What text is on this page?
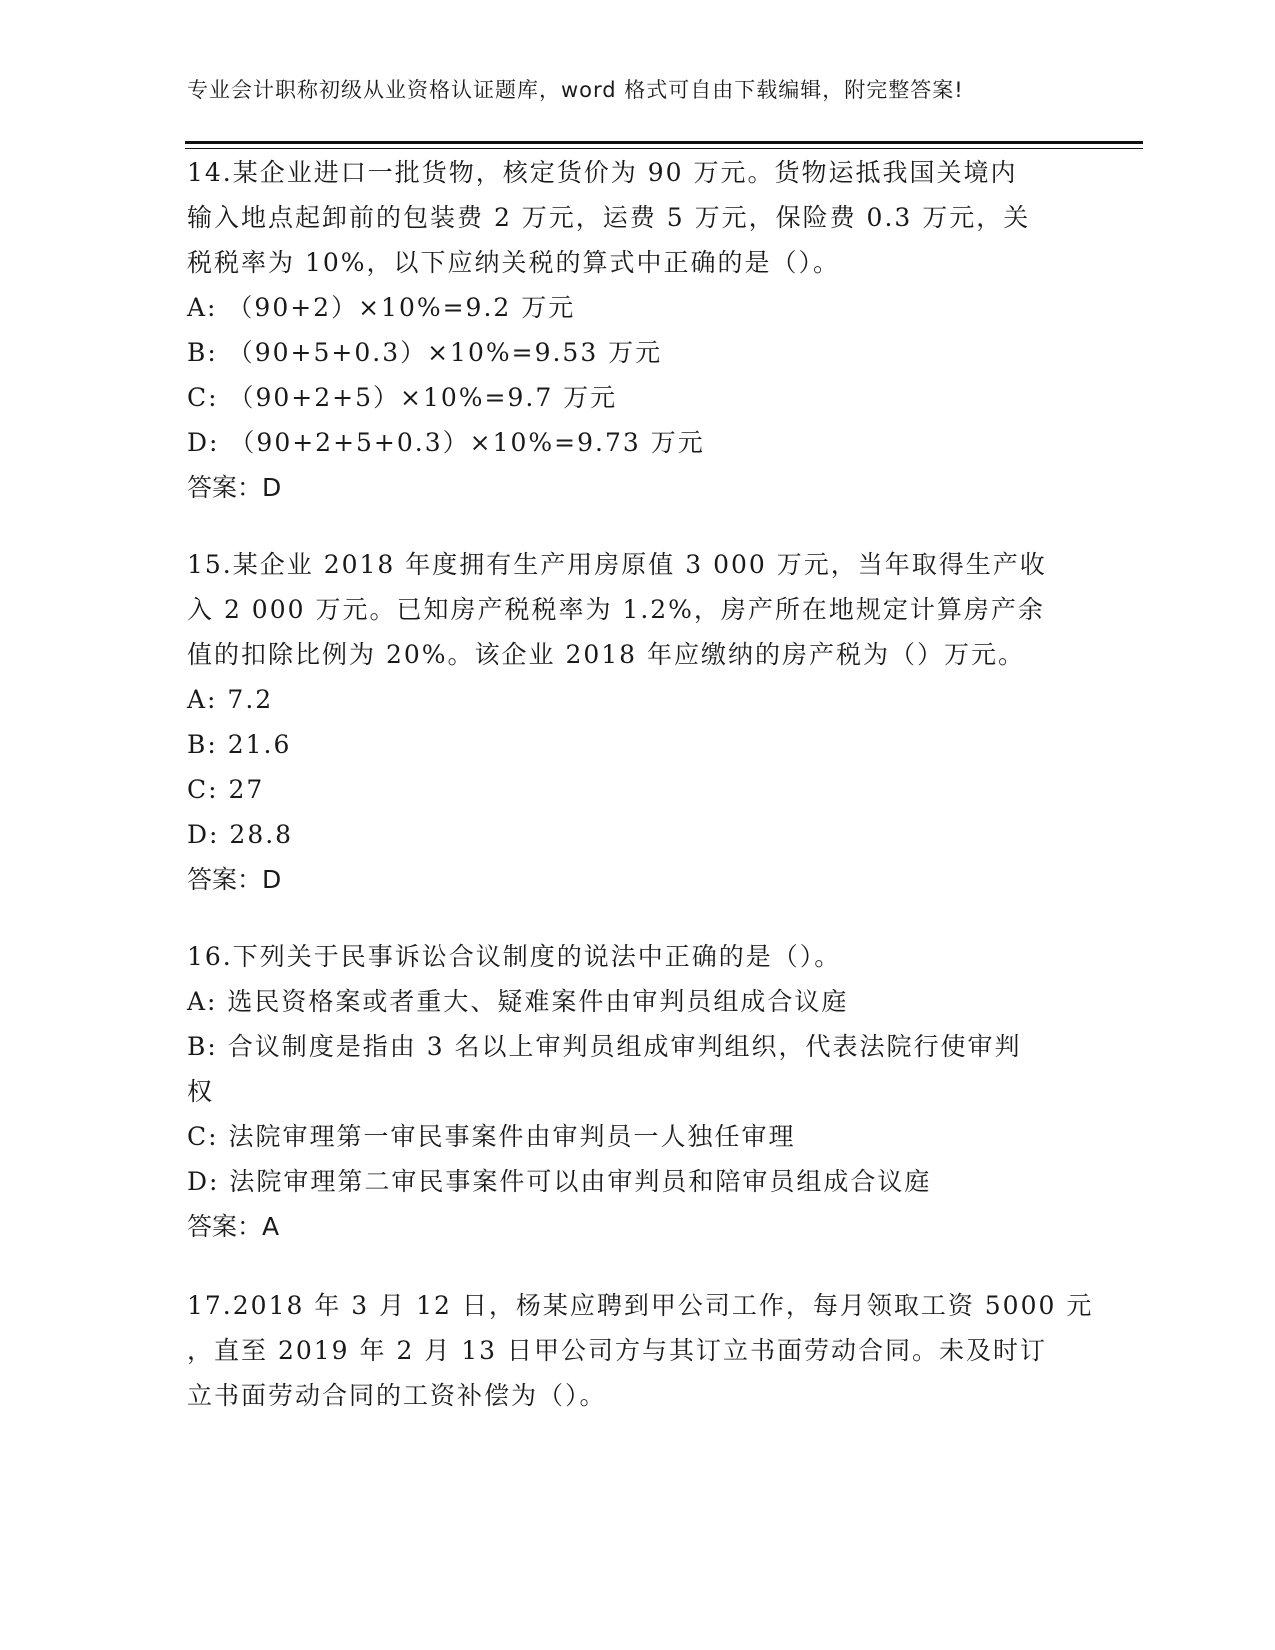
专业会计职称初级从业资格认证题库，word 格式可自由下载编辑，附完整答案!
14.某企业进口一批货物，核定货价为 90 万元。货物运抵我国关境内
输入地点起卸前的包装费 2 万元，运费 5 万元，保险费 0.3 万元，关
税税率为 10%，以下应纳关税的算式中正确的是（）。
A: （90+2）×10%=9.2 万元
B: （90+5+0.3）×10%=9.53 万元
C: （90+2+5）×10%=9.7 万元
D: （90+2+5+0.3）×10%=9.73 万元
答案：D
15.某企业 2018 年度拥有生产用房原值 3 000 万元，当年取得生产收
入 2 000 万元。已知房产税税率为 1.2%，房产所在地规定计算房产余
值的扣除比例为 20%。该企业 2018 年应缴纳的房产税为（）万元。
A: 7.2
B: 21.6
C: 27
D: 28.8
答案：D
16.下列关于民事诉讼合议制度的说法中正确的是（）。
A: 选民资格案或者重大、疑难案件由审判员组成合议庭
B: 合议制度是指由 3 名以上审判员组成审判组织，代表法院行使审判
权
C: 法院审理第一审民事案件由审判员一人独任审理
D: 法院审理第二审民事案件可以由审判员和陪审员组成合议庭
答案：A
17.2018 年 3 月 12 日，杨某应聘到甲公司工作，每月领取工资 5000 元
，直至 2019 年 2 月 13 日甲公司方与其订立书面劳动合同。未及时订
立书面劳动合同的工资补偿为（）。
